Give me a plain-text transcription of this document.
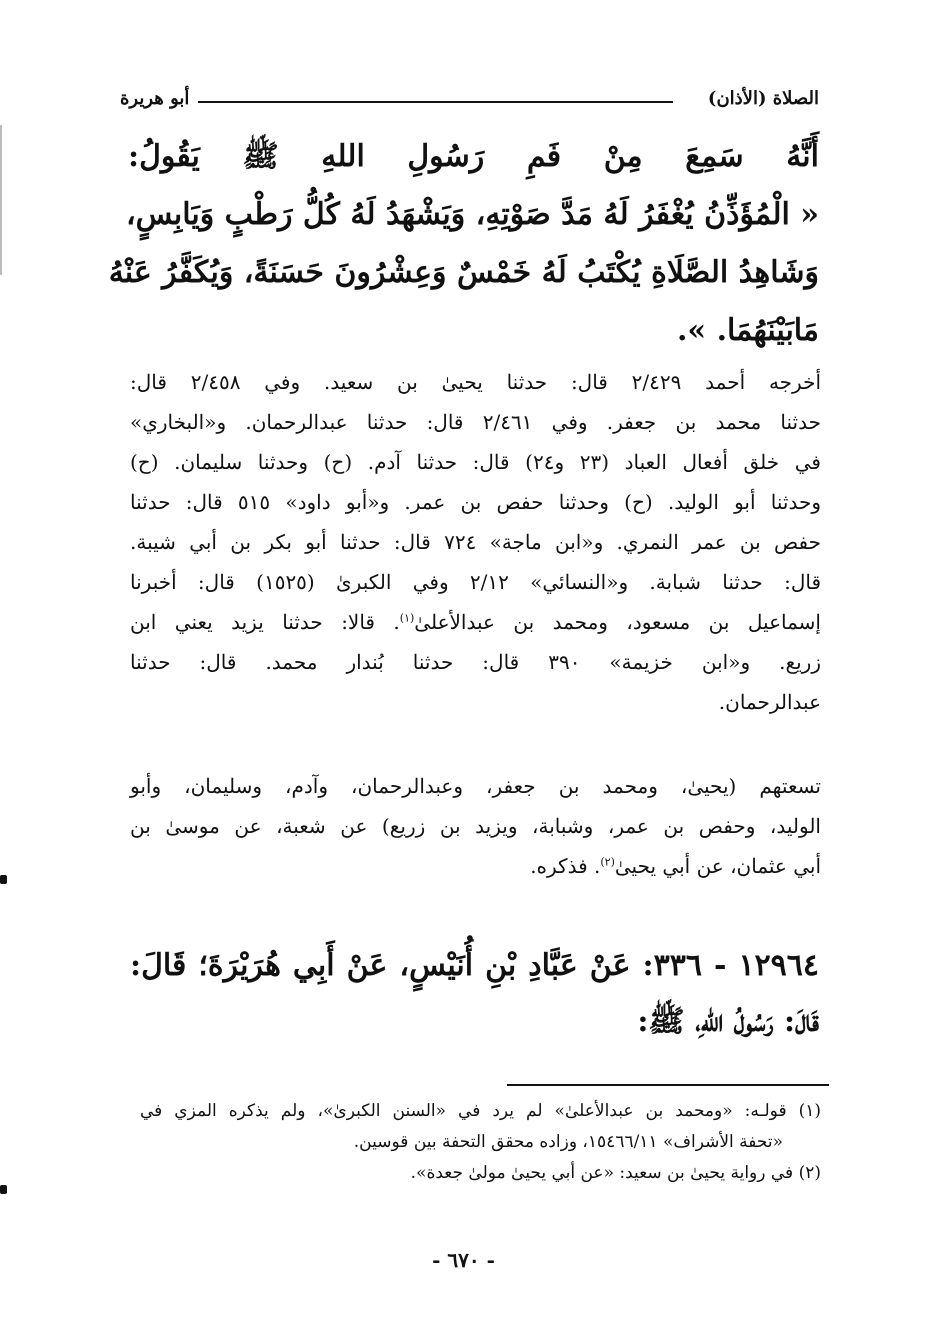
الصلاة (الأذان)
أبو هريرة
أَنَّهُ سَمِعَ مِنْ فَمِ رَسُولِ اللهِ ﷺ يَقُولُ:
« الْمُؤَذِّنُ يُغْفَرُ لَهُ مَدَّ صَوْتِهِ، وَيَشْهَدُ لَهُ كُلُّ رَطْبٍ وَيَابِسٍ،
وَشَاهِدُ الصَّلَاةِ يُكْتَبُ لَهُ خَمْسٌ وَعِشْرُونَ حَسَنَةً، وَيُكَفَّرُ عَنْهُ
مَابَيْنَهُمَا. ».
أخرجه أحمد ٢/٤٢٩ قال: حدثنا يحيىٰ بن سعيد. وفي ٢/٤٥٨ قال:
حدثنا محمد بن جعفر. وفي ٢/٤٦١ قال: حدثنا عبدالرحمان. و«البخاري»
في خلق أفعال العباد (٢٣ و٢٤) قال: حدثنا آدم. (ح) وحدثنا سليمان. (ح)
وحدثنا أبو الوليد. (ح) وحدثنا حفص بن عمر. و«أبو داود» ٥١٥ قال: حدثنا
حفص بن عمر النمري. و«ابن ماجة» ٧٢٤ قال: حدثنا أبو بكر بن أبي شيبة.
قال: حدثنا شبابة. و«النسائي» ٢/١٢ وفي الكبرىٰ (١٥٢٥) قال: أخبرنا
إسماعيل بن مسعود، ومحمد بن عبدالأعلىٰ$^{(١)}$. قالا: حدثنا يزيد يعني ابن
زريع. و«ابن خزيمة» ٣٩٠ قال: حدثنا بُندار محمد. قال: حدثنا
عبدالرحمان.
تسعتهم (يحيىٰ، ومحمد بن جعفر، وعبدالرحمان، وآدم، وسليمان، وأبو
الوليد، وحفص بن عمر، وشبابة، ويزيد بن زريع) عن شعبة، عن موسىٰ بن
أبي عثمان، عن أبي يحيىٰ$^{(٢)}$. فذكره.
١٢٩٦٤ - ٣٣٦: عَنْ عَبَّادِ بْنِ أُنَيْسٍ، عَنْ أَبِي هُرَيْرَةَ؛ قَالَ:
قَالَ: رَسُولُ اللهِ، ﷺ:
(١) قولـه: «ومحمد بن عبدالأعلىٰ» لم يرد في «السنن الكبرىٰ»، ولم يذكره المزي في
«تحفة الأشراف» ١٥٤٦٦/١١، وزاده محقق التحفة بين قوسين.
(٢) في رواية يحيىٰ بن سعيد: «عن أبي يحيىٰ مولىٰ جعدة».
- ٦٧٠ -
